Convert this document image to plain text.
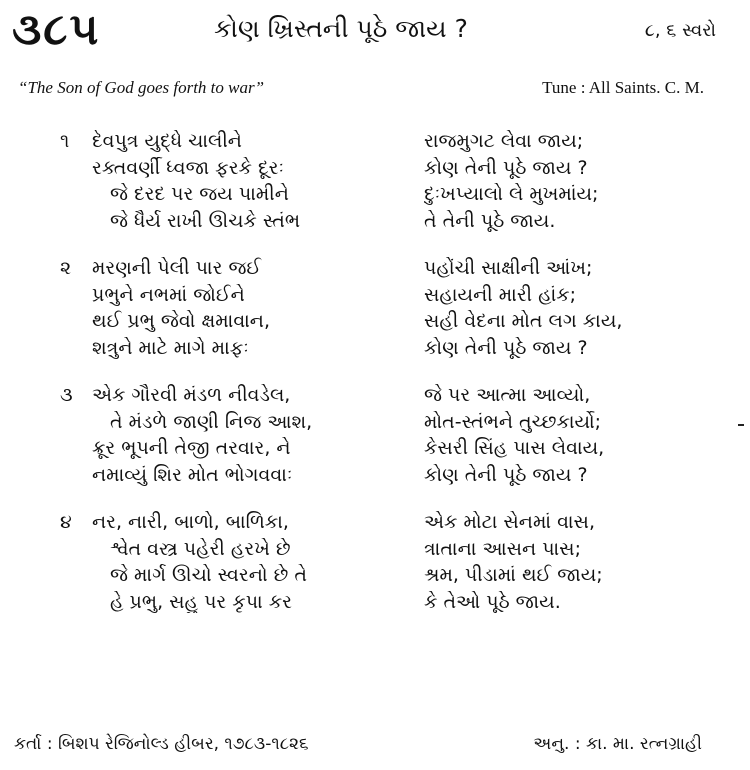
૩૮૫	કોણ ખ્રિસ્તની પૂઠે જાય ?	૮, ૬ સ્વરો
“The Son of God goes forth to war”	Tune : All Saints. C. M.
૧	દેવપુત્ર યુદ્ધે ચાલીને	રાજમુગટ લેવા જાય;
રક્તવર્ણી ધ્વજા ફરકે દૂરઃ	કોણ તેની પૂઠે જાય ?
જે દરદ પર જય પામીને	દુઃખપ્યાલો લે મુખમાંય;
જે ધૈર્ય રાખી ઊંચકે સ્તંભ	તે તેની પૂઠે જાય.
૨	મરણની પેલી પાર જઈ	પહોંચી સાક્ષીની આંખ;
પ્રભુને નભમાં જોઈને	સહાયની મારી હાંક;
થઈ પ્રભુ જેવો ક્ષમાવાન,	સહી વેદના મોત લગ કાય,
શત્રુને માટે માગે માફઃ	કોણ તેની પૂઠે જાય ?
૩	એક ગૌરવી મંડળ નીવડેલ,	જે પર આત્મા આવ્યો,
તે મંડળે જાણી નિજ આશ,	મોત-સ્તંભને તુચ્છકાર્યો;
ક્રૂર ભૂપની તેજી તરવાર, ને	કેસરી સિંહ પાસ લેવાય,
નમાવ્યું શિર મોત ભોગવવાઃ	કોણ તેની પૂઠે જાય ?
૪	નર, નારી, બાળો, બાળિકા,	એક મોટા સેનમાં વાસ,
શ્વેત વસ્ત્ર પહેરી હરખે છે	ત્રાતાના આસન પાસ;
જે માર્ગ ઊંચો સ્વરનો છે તે	શ્રમ, પીડામાં થઈ જાય;
હે પ્રભુ, સહુ પર કૃપા કર	કે તેઓ પૂઠે જાય.
કર્તા : બિશપ રેજિનોલ્ડ હીબર, ૧૭૮૩-૧૮૨૬	અનુ. : કા. મા. રત્નગ્રાહી
